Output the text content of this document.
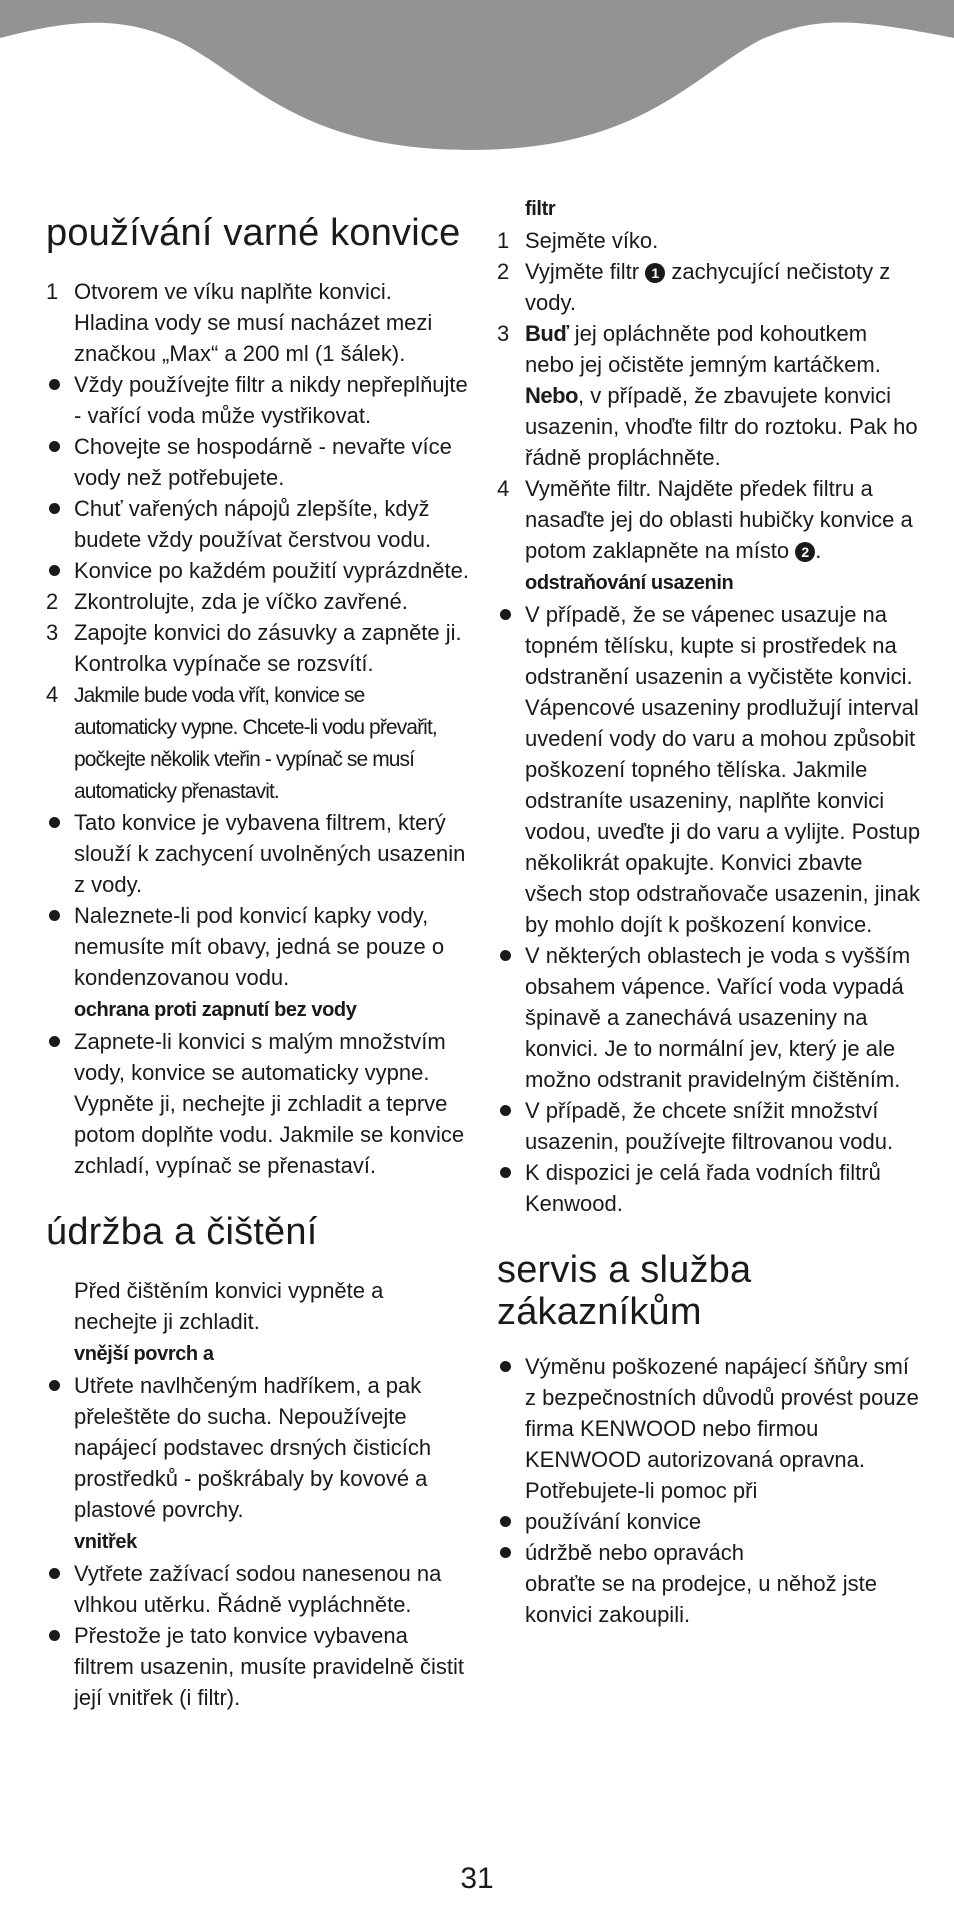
používání varné konvice
1 Otvorem ve víku naplňte konvici. Hladina vody se musí nacházet mezi značkou „Max“ a 200 ml (1 šálek).
Vždy používejte filtr a nikdy nepřeplňujte - vařící voda může vystřikovat.
Chovejte se hospodárně - nevařte více vody než potřebujete.
Chuť vařených nápojů zlepšíte, když budete vždy používat čerstvou vodu.
Konvice po každém použití vyprázdněte.
2 Zkontrolujte, zda je víčko zavřené.
3 Zapojte konvici do zásuvky a zapněte ji. Kontrolka vypínače se rozsvítí.
4 Jakmile bude voda vřít, konvice se automaticky vypne. Chcete-li vodu převařit, počkejte několik vteřin - vypínač se musí automaticky přenastavit.
Tato konvice je vybavena filtrem, který slouží k zachycení uvolněných usazenin z vody.
Naleznete-li pod konvicí kapky vody, nemusíte mít obavy, jedná se pouze o kondenzovanou vodu.
ochrana proti zapnutí bez vody
Zapnete-li konvici s malým množstvím vody, konvice se automaticky vypne. Vypněte ji, nechejte ji zchladit a teprve potom doplňte vodu. Jakmile se konvice zchladí, vypínač se přenastaví.
údržba a čištění
Před čištěním konvici vypněte a nechejte ji zchladit.
vnější povrch a
Utřete navlhčeným hadříkem, a pak přeleštěte do sucha. Nepoužívejte napájecí podstavec drsných čisticích prostředků - poškrábaly by kovové a plastové povrchy.
vnitřek
Vytřete zažívací sodou nanesenou na vlhkou utěrku. Řádně vypláchněte.
Přestože je tato konvice vybavena filtrem usazenin, musíte pravidelně čistit její vnitřek (i filtr).
filtr
1 Sejměte víko.
2 Vyjměte filtr 1 zachycující nečistoty z vody.
3 Buď jej opláchněte pod kohoutkem nebo jej očistěte jemným kartáčkem. Nebo, v případě, že zbavujete konvici usazenin, vhoďte filtr do roztoku. Pak ho řádně propláchněte.
4 Vyměňte filtr. Najděte předek filtru a nasaďte jej do oblasti hubičky konvice a potom zaklapněte na místo 2 .
odstraňování usazenin
V případě, že se vápenec usazuje na topném tělísku, kupte si prostředek na odstranění usazenin a vyčistěte konvici. Vápencové usazeniny prodlužují interval uvedení vody do varu a mohou způsobit poškození topného tělíska. Jakmile odstraníte usazeniny, naplňte konvici vodou, uveďte ji do varu a vylijte. Postup několikrát opakujte. Konvici zbavte všech stop odstraňovače usazenin, jinak by mohlo dojít k poškození konvice.
V některých oblastech je voda s vyšším obsahem vápence. Vařící voda vypadá špinavě a zanechává usazeniny na konvici. Je to normální jev, který je ale možno odstranit pravidelným čištěním.
V případě, že chcete snížit množství usazenin, používejte filtrovanou vodu.
K dispozici je celá řada vodních filtrů Kenwood.
servis a služba zákazníkům
Výměnu poškozené napájecí šňůry smí z bezpečnostních důvodů provést pouze firma KENWOOD nebo firmou KENWOOD autorizovaná opravna.
Potřebujete-li pomoc při
používání konvice
údržbě nebo opravách
obraťte se na prodejce, u něhož jste konvici zakoupili.
31
